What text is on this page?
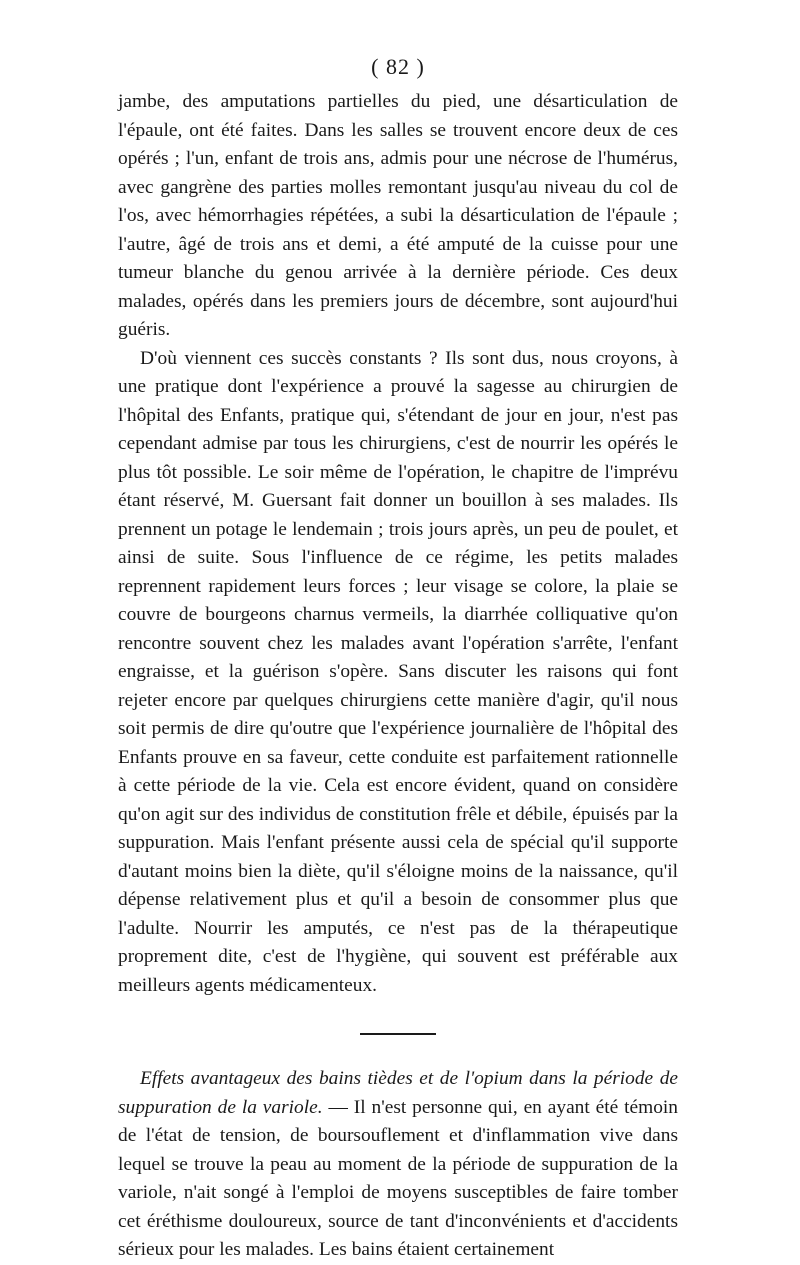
( 82 )

jambe, des amputations partielles du pied, une désarticulation de l'épaule, ont été faites. Dans les salles se trouvent encore deux de ces opérés ; l'un, enfant de trois ans, admis pour une nécrose de l'humérus, avec gangrène des parties molles remontant jusqu'au niveau du col de l'os, avec hémorrhagies répétées, a subi la désarticulation de l'épaule ; l'autre, âgé de trois ans et demi, a été amputé de la cuisse pour une tumeur blanche du genou arrivée à la dernière période. Ces deux malades, opérés dans les premiers jours de décembre, sont aujourd'hui guéris.

D'où viennent ces succès constants ? Ils sont dus, nous croyons, à une pratique dont l'expérience a prouvé la sagesse au chirurgien de l'hôpital des Enfants, pratique qui, s'étendant de jour en jour, n'est pas cependant admise par tous les chirurgiens, c'est de nourrir les opérés le plus tôt possible. Le soir même de l'opération, le chapitre de l'imprévu étant réservé, M. Guersant fait donner un bouillon à ses malades. Ils prennent un potage le lendemain ; trois jours après, un peu de poulet, et ainsi de suite. Sous l'influence de ce régime, les petits malades reprennent rapidement leurs forces ; leur visage se colore, la plaie se couvre de bourgeons charnus vermeils, la diarrhée colliquative qu'on rencontre souvent chez les malades avant l'opération s'arrête, l'enfant engraisse, et la guérison s'opère. Sans discuter les raisons qui font rejeter encore par quelques chirurgiens cette manière d'agir, qu'il nous soit permis de dire qu'outre que l'expérience journalière de l'hôpital des Enfants prouve en sa faveur, cette conduite est parfaitement rationnelle à cette période de la vie. Cela est encore évident, quand on considère qu'on agit sur des individus de constitution frêle et débile, épuisés par la suppuration. Mais l'enfant présente aussi cela de spécial qu'il supporte d'autant moins bien la diète, qu'il s'éloigne moins de la naissance, qu'il dépense relativement plus et qu'il a besoin de consommer plus que l'adulte. Nourrir les amputés, ce n'est pas de la thérapeutique proprement dite, c'est de l'hygiène, qui souvent est préférable aux meilleurs agents médicamenteux.

Effets avantageux des bains tièdes et de l'opium dans la période de suppuration de la variole. — Il n'est personne qui, en ayant été témoin de l'état de tension, de boursouflement et d'inflammation vive dans lequel se trouve la peau au moment de la période de suppuration de la variole, n'ait songé à l'emploi de moyens susceptibles de faire tomber cet éréthisme douloureux, source de tant d'inconvénients et d'accidents sérieux pour les malades. Les bains étaient certainement
